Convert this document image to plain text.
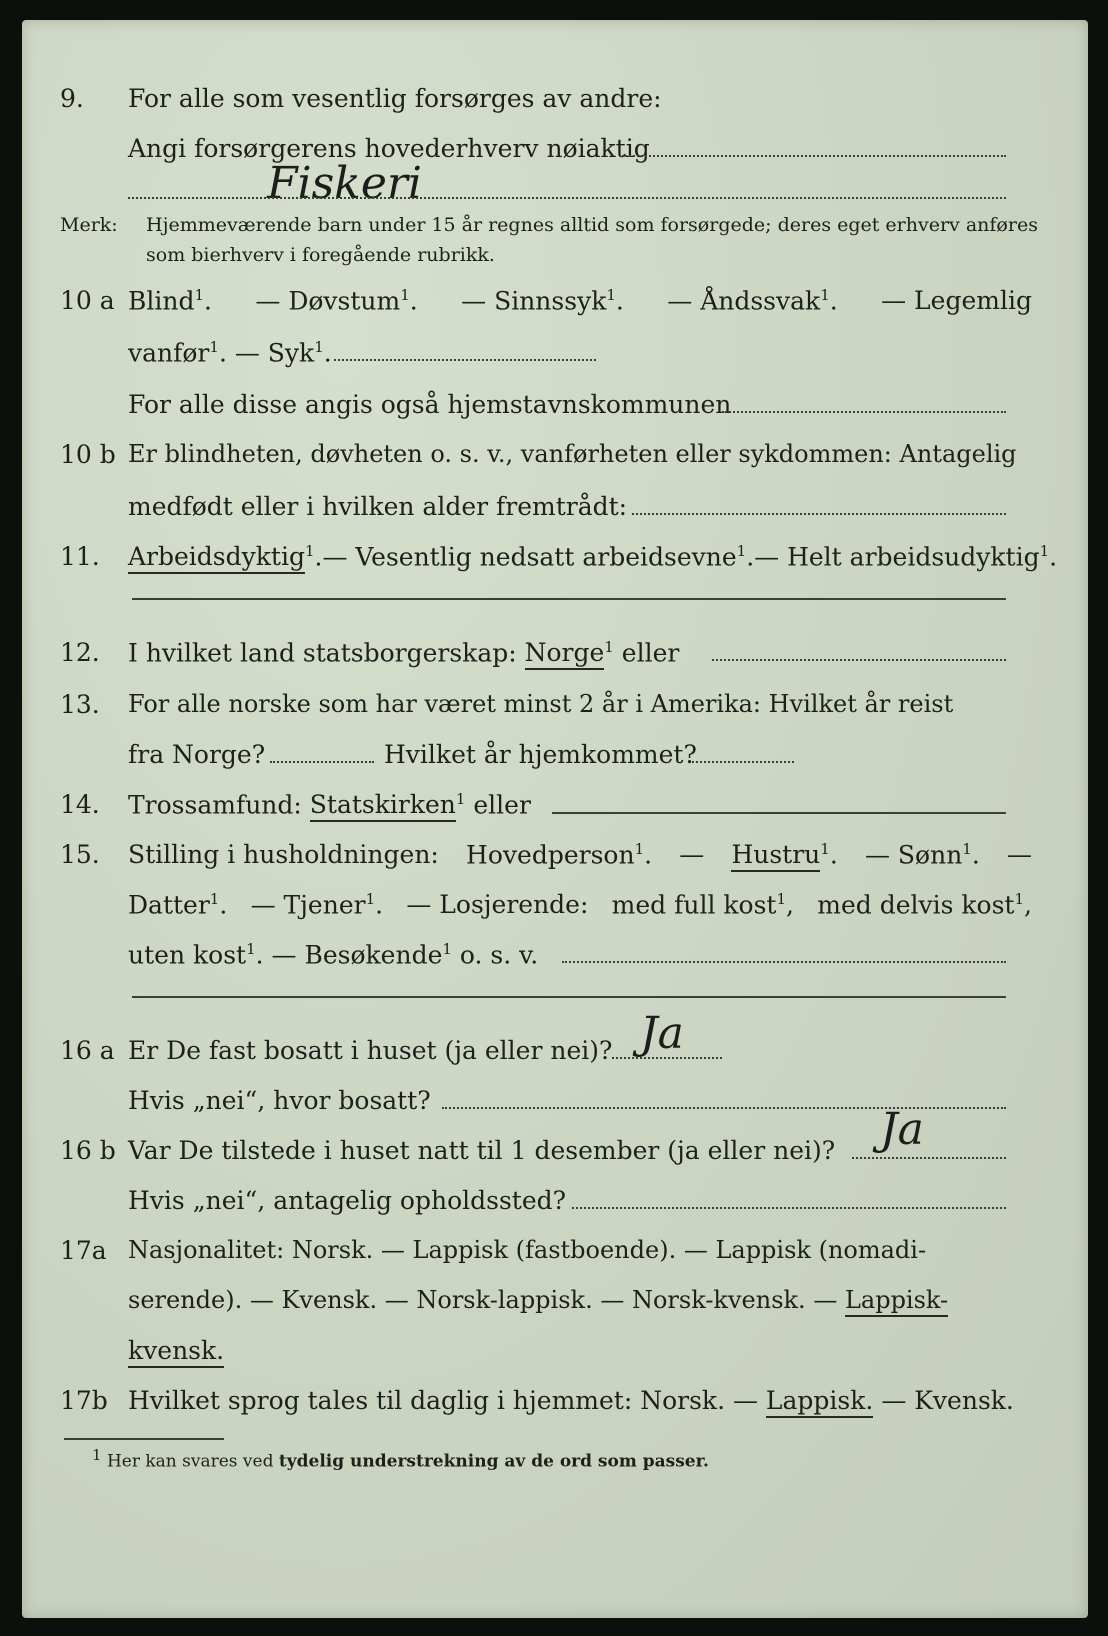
9. For alle som vesentlig forsørges av andre:
Angi forsørgerens hovederhverv nøiaktig
Fiskeri
Merk: Hjemmeværende barn under 15 år regnes alltid som forsørgede; deres eget erhverv anføres som bierhverv i foregående rubrikk.
10 a Blind$^1$. — Døvstum$^1$. — Sinnssyk$^1$. — Åndssvak$^1$. — Legemlig
vanfør$^1$. — Syk$^1$.
For alle disse angis også hjemstavnskommunen
10 b Er blindheten, døvheten o. s. v., vanførheten eller sykdommen: Antagelig
medfødt eller i hvilken alder fremtrådt:
11. Arbeidsdyktig$^1$. — Vesentlig nedsatt arbeidsevne$^1$. — Helt arbeidsudyktig$^1$.
12. I hvilket land statsborgerskap: Norge$^1$ eller
13. For alle norske som har været minst 2 år i Amerika: Hvilket år reist
fra Norge?	Hvilket år hjemkommet?
14. Trossamfund: Statskirken$^1$ eller
15. Stilling i husholdningen: Hovedperson$^1$. — Hustru$^1$. — Sønn$^1$. —
Datter$^1$. — Tjener$^1$. — Losjerende: med full kost$^1$, med delvis kost$^1$,
uten kost$^1$. — Besøkende$^1$ o. s. v.
16 a Er De fast bosatt i huset (ja eller nei)? Ja
Hvis „nei“, hvor bosatt?
16 b Var De tilstede i huset natt til 1 desember (ja eller nei)? Ja
Hvis „nei“, antagelig opholdssted?
17a Nasjonalitet: Norsk. — Lappisk (fastboende). — Lappisk (nomadi-
serende). — Kvensk. — Norsk-lappisk. — Norsk-kvensk. — Lappisk-
kvensk.
17b Hvilket sprog tales til daglig i hjemmet: Norsk. — Lappisk. — Kvensk.
1 Her kan svares ved tydelig understrekning av de ord som passer.
